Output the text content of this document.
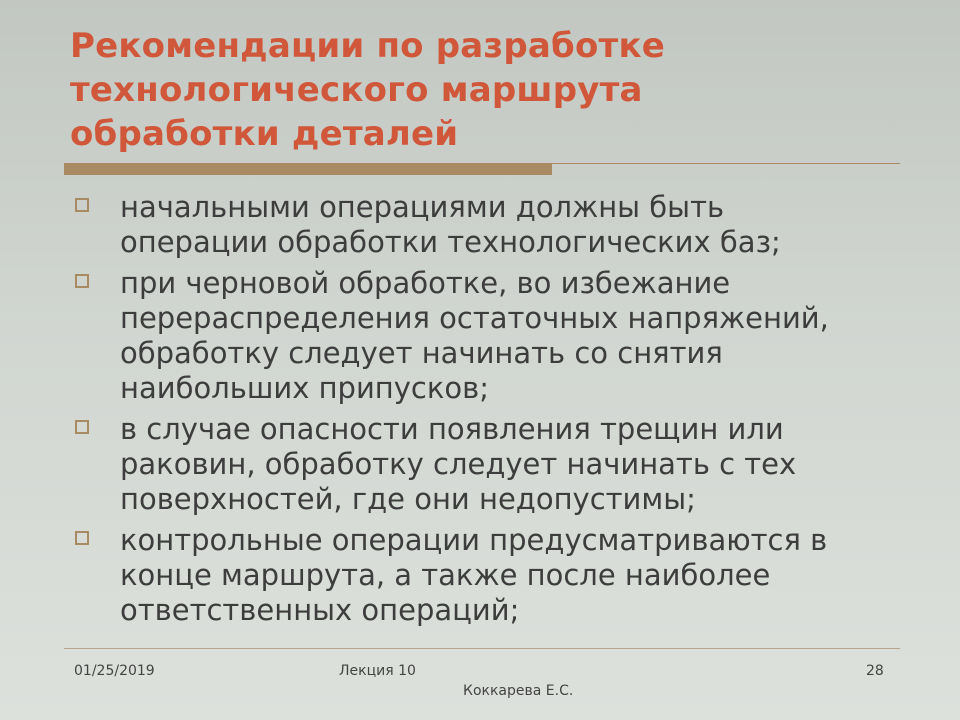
Рекомендации по разработке
технологического маршрута
обработки деталей
начальными операциями должны быть
операции обработки технологических баз;
при черновой обработке, во избежание
перераспределения остаточных напряжений,
обработку следует начинать со снятия
наибольших припусков;
в случае опасности появления трещин или
раковин, обработку следует начинать с тех
поверхностей, где они недопустимы;
контрольные операции предусматриваются в
конце маршрута, а также после наиболее
ответственных операций;
01/25/2019	Лекция 10
Коккарева Е.С.
28
